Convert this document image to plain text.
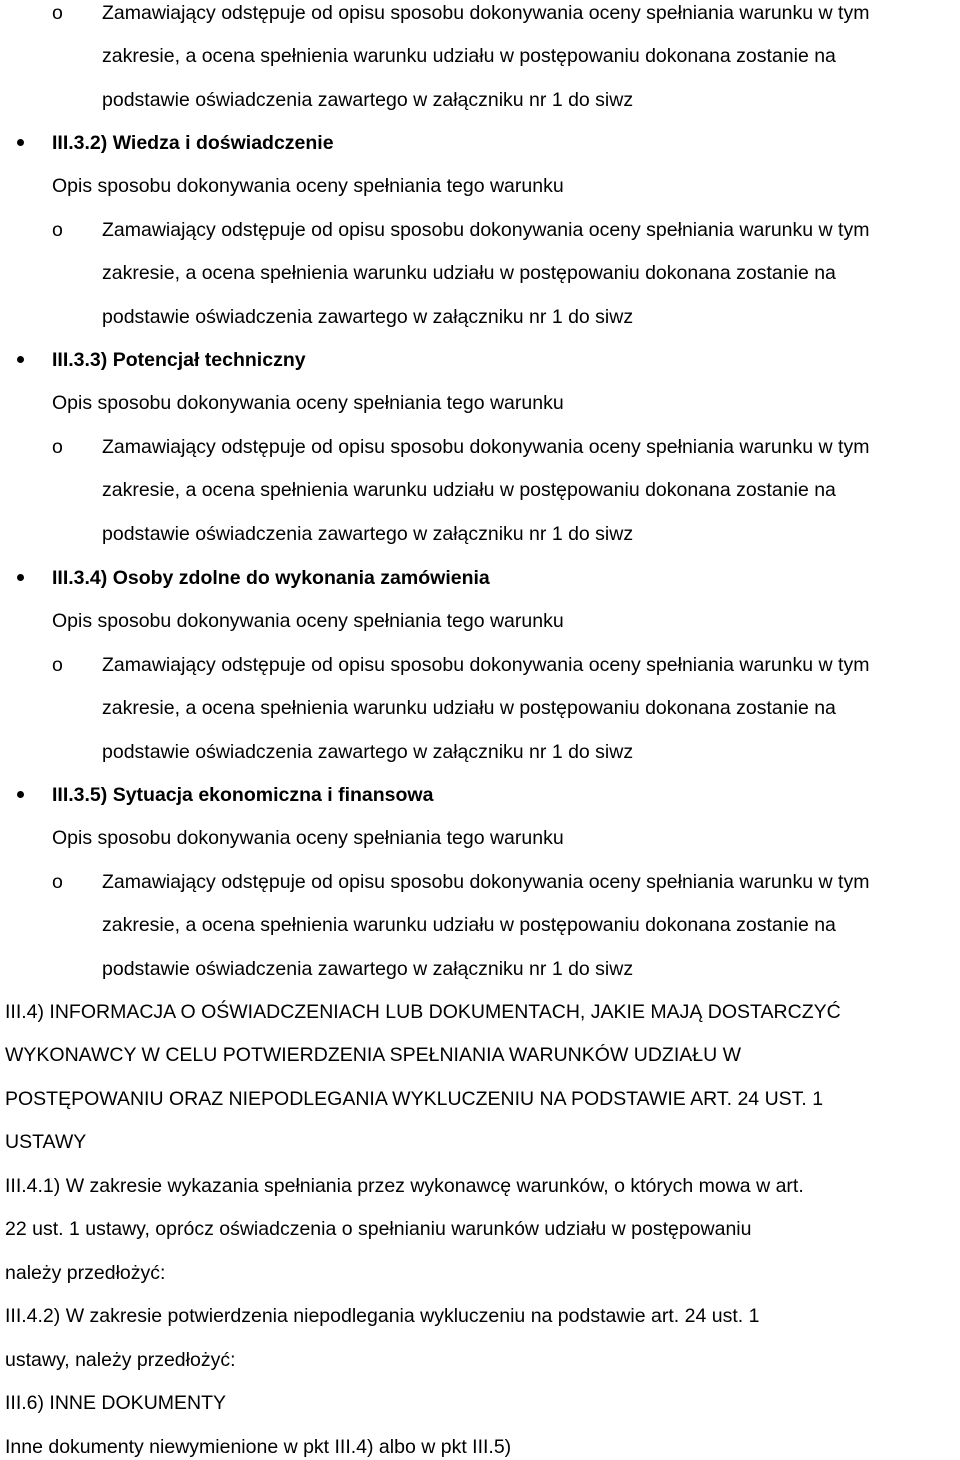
o Zamawiający odstępuje od opisu sposobu dokonywania oceny spełniania warunku w tym
zakresie, a ocena spełnienia warunku udziału w postępowaniu dokonana zostanie na
podstawie oświadczenia zawartego w załączniku nr 1 do siwz
III.3.2) Wiedza i doświadczenie
Opis sposobu dokonywania oceny spełniania tego warunku
o Zamawiający odstępuje od opisu sposobu dokonywania oceny spełniania warunku w tym
zakresie, a ocena spełnienia warunku udziału w postępowaniu dokonana zostanie na
podstawie oświadczenia zawartego w załączniku nr 1 do siwz
III.3.3) Potencjał techniczny
Opis sposobu dokonywania oceny spełniania tego warunku
o Zamawiający odstępuje od opisu sposobu dokonywania oceny spełniania warunku w tym
zakresie, a ocena spełnienia warunku udziału w postępowaniu dokonana zostanie na
podstawie oświadczenia zawartego w załączniku nr 1 do siwz
III.3.4) Osoby zdolne do wykonania zamówienia
Opis sposobu dokonywania oceny spełniania tego warunku
o Zamawiający odstępuje od opisu sposobu dokonywania oceny spełniania warunku w tym
zakresie, a ocena spełnienia warunku udziału w postępowaniu dokonana zostanie na
podstawie oświadczenia zawartego w załączniku nr 1 do siwz
III.3.5) Sytuacja ekonomiczna i finansowa
Opis sposobu dokonywania oceny spełniania tego warunku
o Zamawiający odstępuje od opisu sposobu dokonywania oceny spełniania warunku w tym
zakresie, a ocena spełnienia warunku udziału w postępowaniu dokonana zostanie na
podstawie oświadczenia zawartego w załączniku nr 1 do siwz
III.4) INFORMACJA O OŚWIADCZENIACH LUB DOKUMENTACH, JAKIE MAJĄ DOSTARCZYĆ
WYKONAWCY W CELU POTWIERDZENIA SPEŁNIANIA WARUNKÓW UDZIAŁU W
POSTĘPOWANIU ORAZ NIEPODLEGANIA WYKLUCZENIU NA PODSTAWIE ART. 24 UST. 1
USTAWY
III.4.1) W zakresie wykazania spełniania przez wykonawcę warunków, o których mowa w art.
22 ust. 1 ustawy, oprócz oświadczenia o spełnianiu warunków udziału w postępowaniu
należy przedłożyć:
III.4.2) W zakresie potwierdzenia niepodlegania wykluczeniu na podstawie art. 24 ust. 1
ustawy, należy przedłożyć:
III.6) INNE DOKUMENTY
Inne dokumenty niewymienione w pkt III.4) albo w pkt III.5)
